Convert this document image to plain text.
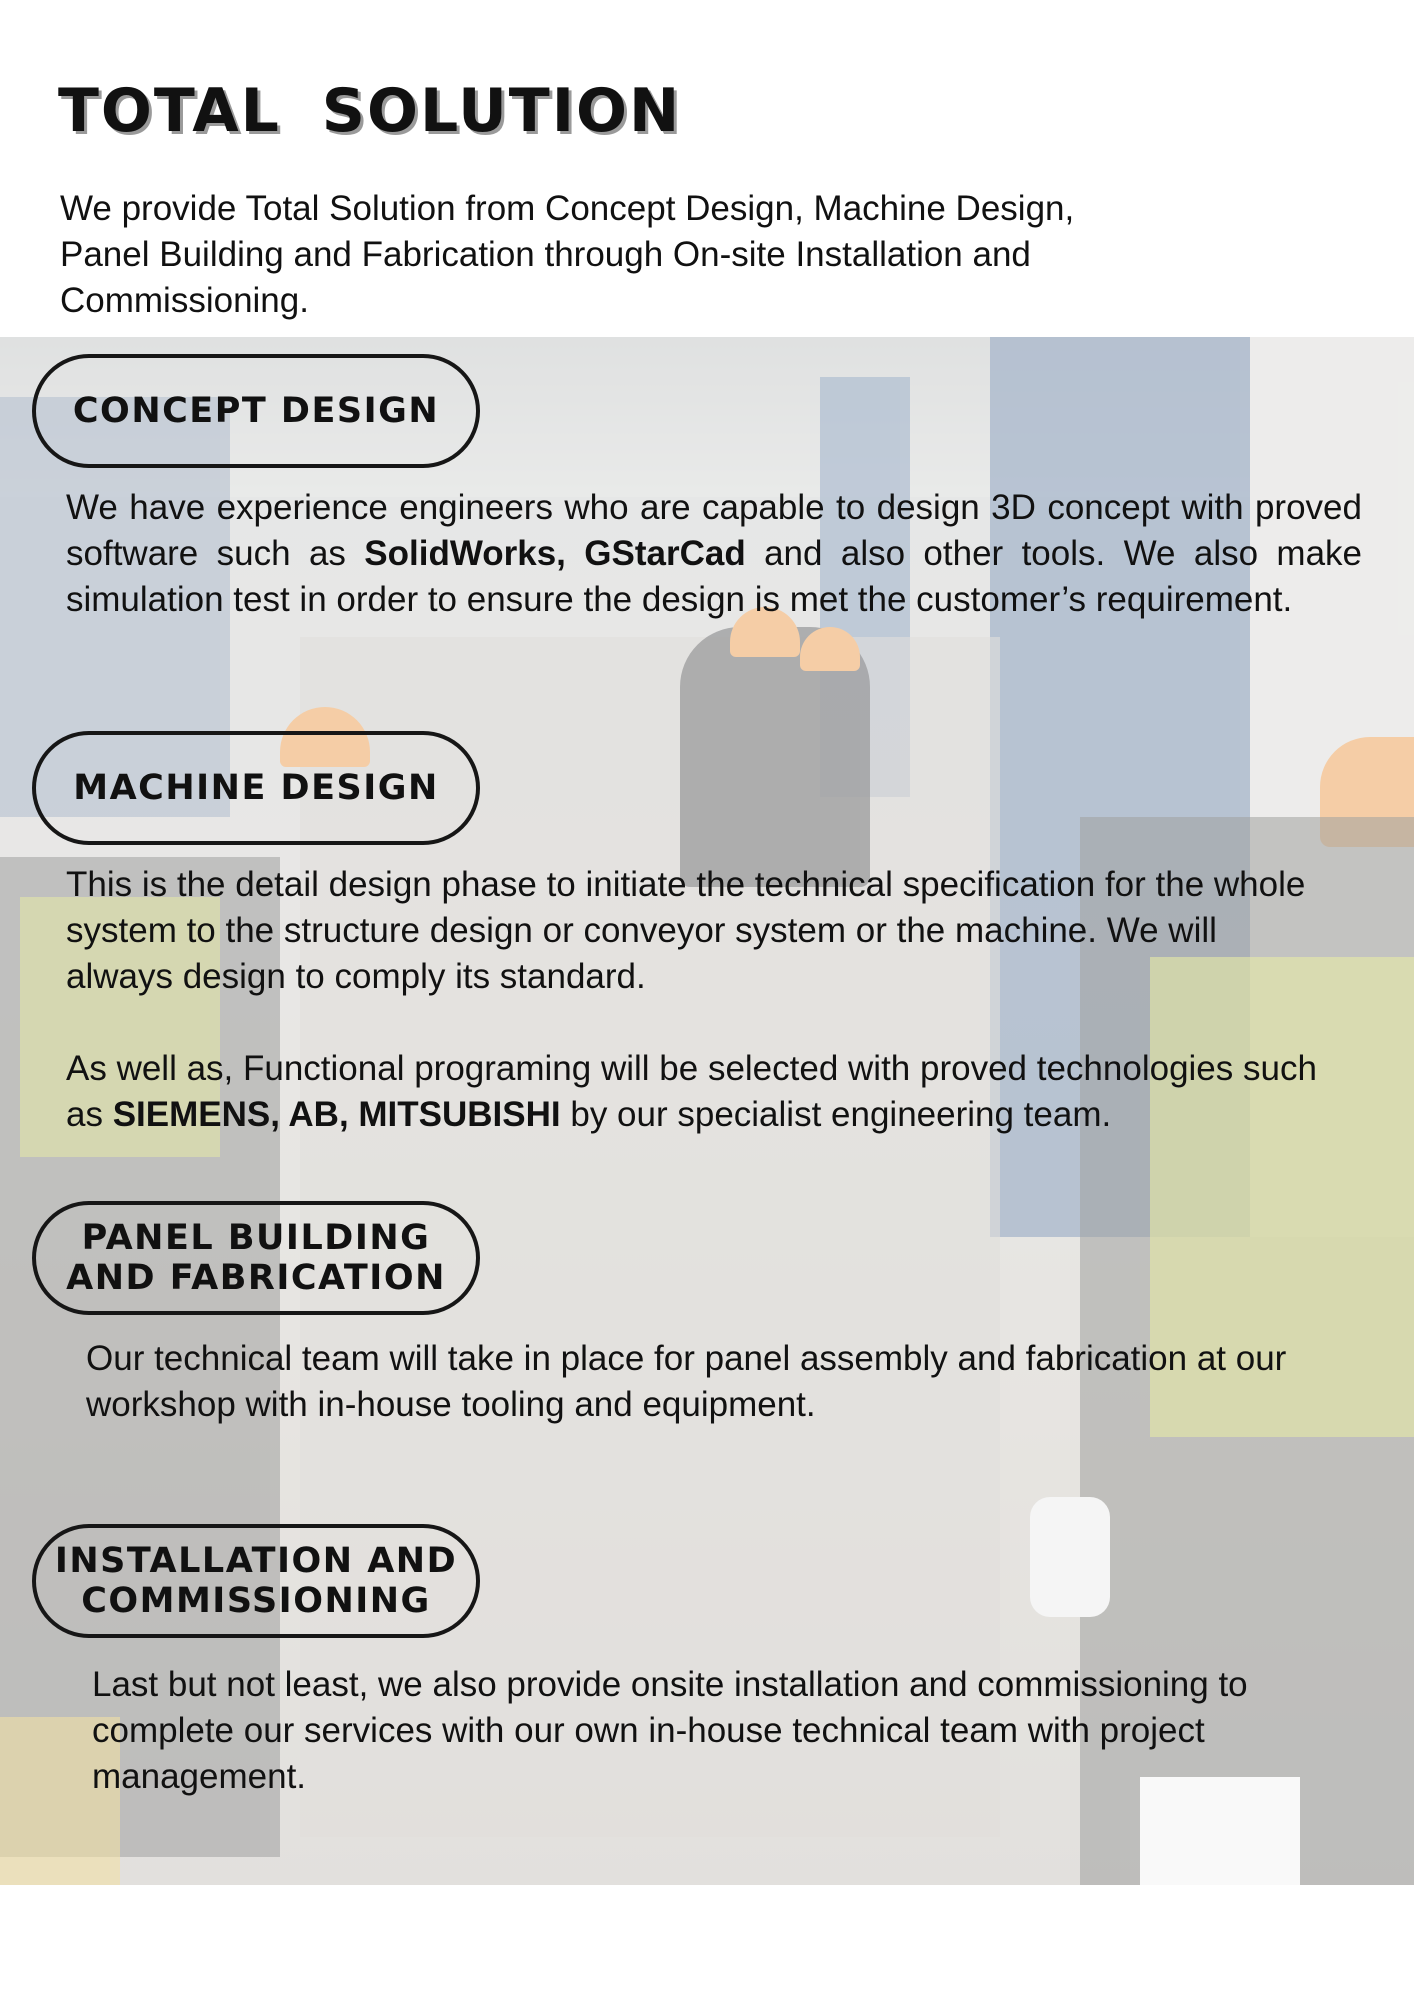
TOTAL SOLUTION

We provide Total Solution from Concept Design, Machine Design, Panel Building and Fabrication through On-site Installation and Commissioning.

CONCEPT DESIGN

We have experience engineers who are capable to design 3D concept with proved software such as SolidWorks, GStarCad and also other tools. We also make simulation test in order to ensure the design is met the customer’s requirement.

MACHINE DESIGN

This is the detail design phase to initiate the technical specification for the whole system to the structure design or conveyor system or the machine. We will always design to comply its standard.

As well as, Functional programing will be selected with proved technologies such as SIEMENS, AB, MITSUBISHI by our specialist engineering team.

PANEL BUILDING
AND FABRICATION

Our technical team will take in place for panel assembly and fabrication at our workshop with in-house tooling and equipment.

INSTALLATION AND
COMMISSIONING

Last but not least, we also provide onsite installation and commissioning to complete our services with our own in-house technical team with project management.
